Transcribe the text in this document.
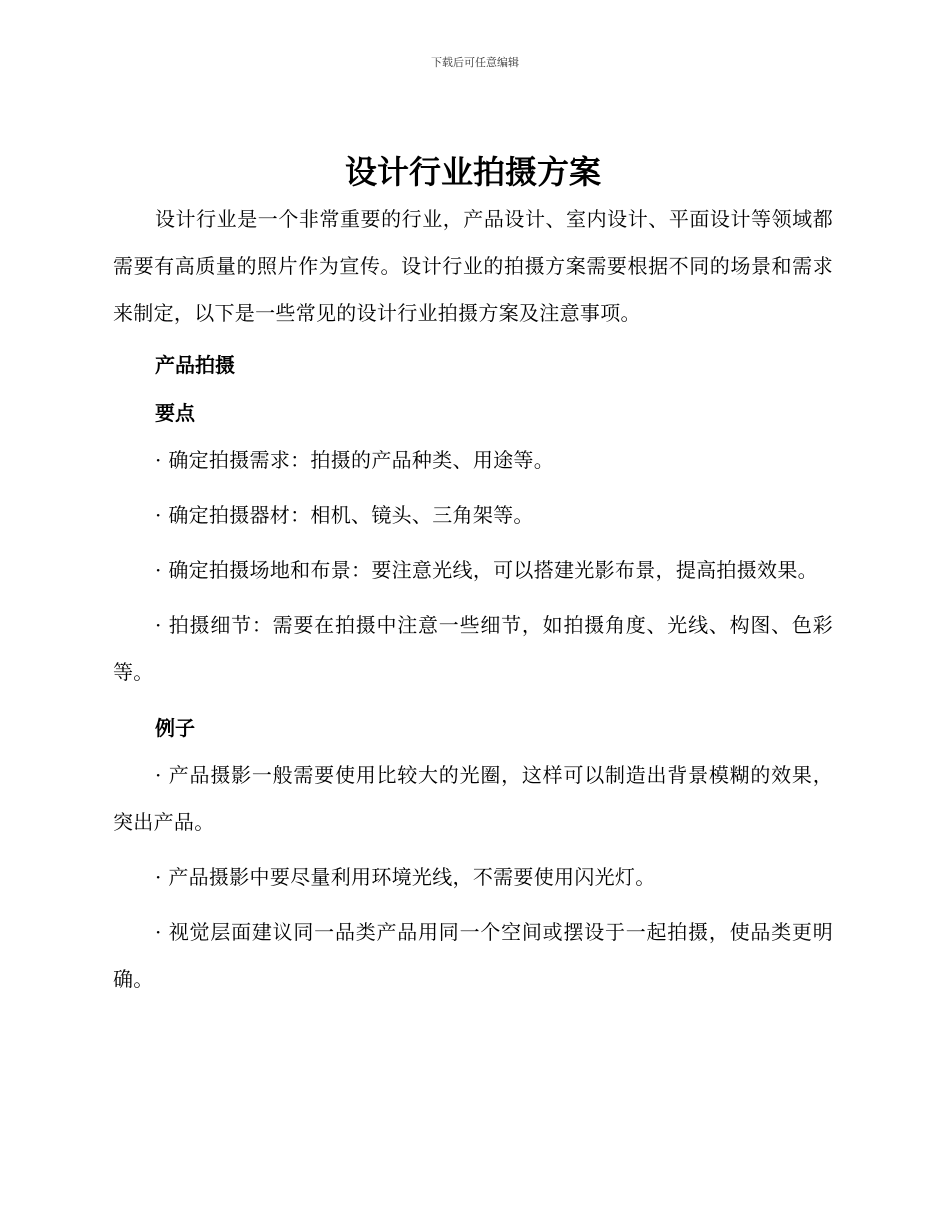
下载后可任意编辑
设计行业拍摄方案

设计行业是一个非常重要的行业，产品设计、室内设计、平面设计等领域都需要有高质量的照片作为宣传。设计行业的拍摄方案需要根据不同的场景和需求来制定，以下是一些常见的设计行业拍摄方案及注意事项。

产品拍摄
要点

· 确定拍摄需求：拍摄的产品种类、用途等。

· 确定拍摄器材：相机、镜头、三角架等。

· 确定拍摄场地和布景：要注意光线，可以搭建光影布景，提高拍摄效果。

· 拍摄细节：需要在拍摄中注意一些细节，如拍摄角度、光线、构图、色彩等。

例子

· 产品摄影一般需要使用比较大的光圈，这样可以制造出背景模糊的效果，突出产品。

· 产品摄影中要尽量利用环境光线，不需要使用闪光灯。

· 视觉层面建议同一品类产品用同一个空间或摆设于一起拍摄，使品类更明确。
